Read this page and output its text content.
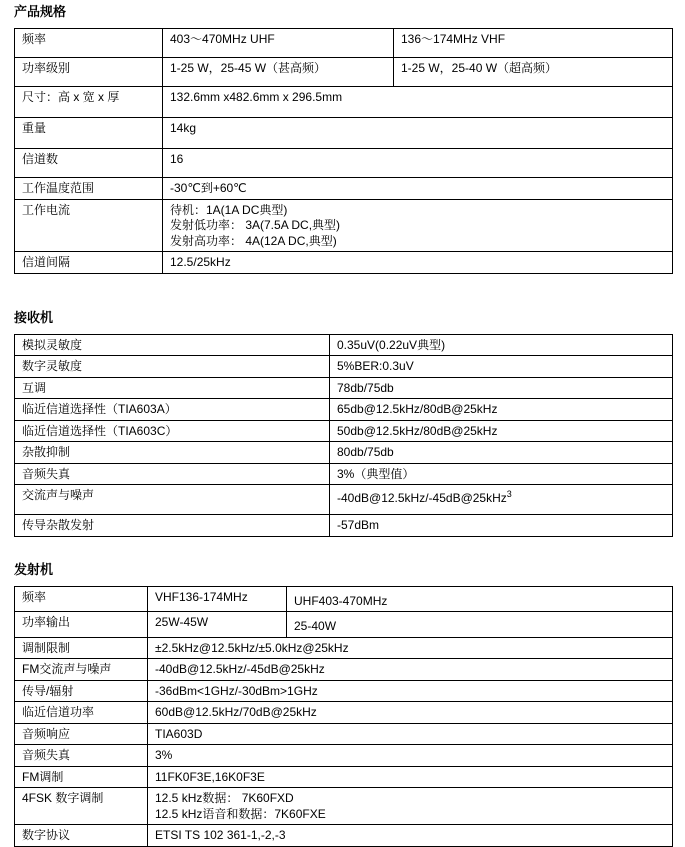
产品规格
频率	403～470MHz UHF	136～174MHz VHF
功率级别	1-25 W，25-45 W（甚高频）	1-25 W，25-40 W（超高频）
尺寸：高 x 宽 x 厚	132.6mm x482.6mm x 296.5mm	
重量	14kg	
信道数	16	
工作温度范围	-30℃到+60℃	
工作电流	待机：1A(1A DC典型)
发射低功率： 3A(7.5A DC,典型)
发射高功率： 4A(12A DC,典型)	

信道间隔	12.5/25kHz	
接收机
模拟灵敏度	0.35uV(0.22uV典型)
数字灵敏度	5%BER:0.3uV
互调	78db/75db
临近信道选择性（TIA603A）	65db@12.5kHz/80dB@25kHz
临近信道选择性（TIA603C）	50db@12.5kHz/80dB@25kHz
杂散抑制	80db/75db
音频失真	3%（典型值）
交流声与噪声	-40dB@12.5kHz/-45dB@25kHz$^3$
传导杂散发射	-57dBm
发射机
频率	VHF136-174MHz	UHF403-470MHz
功率输出	25W-45W	25-40W
调制限制	±2.5kHz@12.5kHz/±5.0kHz@25kHz	
FM交流声与噪声	-40dB@12.5kHz/-45dB@25kHz	
传导/辐射	-36dBm<1GHz/-30dBm>1GHz	
临近信道功率	60dB@12.5kHz/70dB@25kHz	
音频响应	TIA603D	
音频失真	3%	
FM调制	11FK0F3E,16K0F3E	
4FSK 数字调制	12.5 kHz数据： 7K60FXD
12.5 kHz语音和数据：7K60FXE	

数字协议	ETSI TS 102 361-1,-2,-3	
